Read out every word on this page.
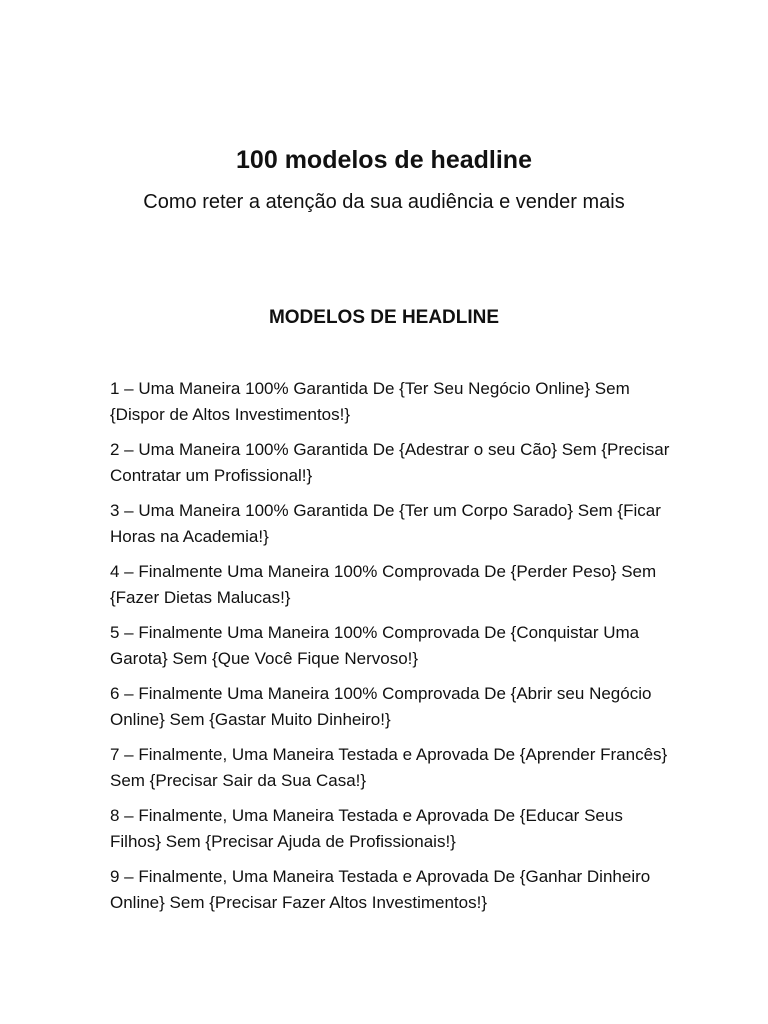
100 modelos de headline

Como reter a atenção da sua audiência e vender mais

MODELOS DE HEADLINE
1 – Uma Maneira 100% Garantida De {Ter Seu Negócio Online} Sem {Dispor de Altos Investimentos!}
2 – Uma Maneira 100% Garantida De {Adestrar o seu Cão} Sem {Precisar Contratar um Profissional!}
3 – Uma Maneira 100% Garantida De {Ter um Corpo Sarado} Sem {Ficar Horas na Academia!}
4 – Finalmente Uma Maneira 100% Comprovada De {Perder Peso} Sem {Fazer Dietas Malucas!}
5 – Finalmente Uma Maneira 100% Comprovada De {Conquistar Uma Garota} Sem {Que Você Fique Nervoso!}
6 – Finalmente Uma Maneira 100% Comprovada De {Abrir seu Negócio Online} Sem {Gastar Muito Dinheiro!}
7 – Finalmente, Uma Maneira Testada e Aprovada De {Aprender Francês} Sem {Precisar Sair da Sua Casa!}
8 – Finalmente, Uma Maneira Testada e Aprovada De {Educar Seus Filhos} Sem {Precisar Ajuda de Profissionais!}
9 – Finalmente, Uma Maneira Testada e Aprovada De {Ganhar Dinheiro Online} Sem {Precisar Fazer Altos Investimentos!}
